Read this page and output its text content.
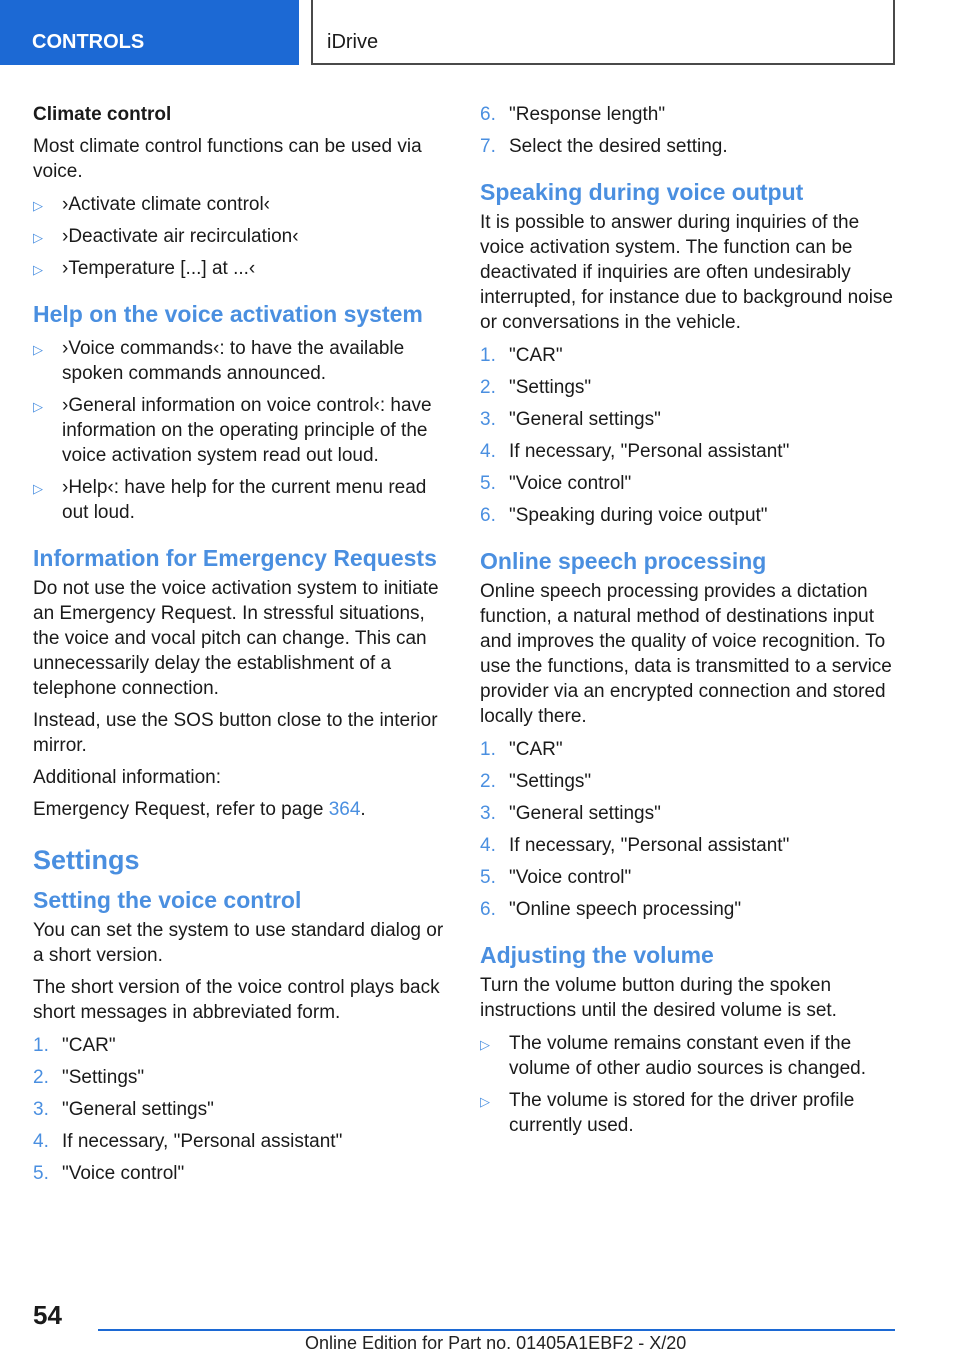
CONTROLS	iDrive

Climate control

Most climate control functions can be used via voice.

▷ ›Activate climate control‹
▷ ›Deactivate air recirculation‹
▷ ›Temperature [...] at ...‹
Help on the voice activation system
▷ ›Voice commands‹: to have the available spoken commands announced.
▷ ›General information on voice control‹: have information on the operating principle of the voice activation system read out loud.
▷ ›Help‹: have help for the current menu read out loud.
Information for Emergency Requests

Do not use the voice activation system to initiate an Emergency Request. In stressful situations, the voice and vocal pitch can change. This can unnecessarily delay the establishment of a telephone connection.

Instead, use the SOS button close to the interior mirror.

Additional information:

Emergency Request, refer to page 364.

Settings
Setting the voice control

You can set the system to use standard dialog or a short version.

The short version of the voice control plays back short messages in abbreviated form.

1. "CAR"
2. "Settings"
3. "General settings"
4. If necessary, "Personal assistant"
5. "Voice control"
6. "Response length"
7. Select the desired setting.
Speaking during voice output

It is possible to answer during inquiries of the voice activation system. The function can be deactivated if inquiries are often undesirably interrupted, for instance due to background noise or conversations in the vehicle.

1. "CAR"
2. "Settings"
3. "General settings"
4. If necessary, "Personal assistant"
5. "Voice control"
6. "Speaking during voice output"
Online speech processing

Online speech processing provides a dictation function, a natural method of destinations input and improves the quality of voice recognition. To use the functions, data is transmitted to a service provider via an encrypted connection and stored locally there.

1. "CAR"
2. "Settings"
3. "General settings"
4. If necessary, "Personal assistant"
5. "Voice control"
6. "Online speech processing"
Adjusting the volume

Turn the volume button during the spoken instructions until the desired volume is set.

▷ The volume remains constant even if the volume of other audio sources is changed.
▷ The volume is stored for the driver profile currently used.
54
Online Edition for Part no. 01405A1EBF2 - X/20
